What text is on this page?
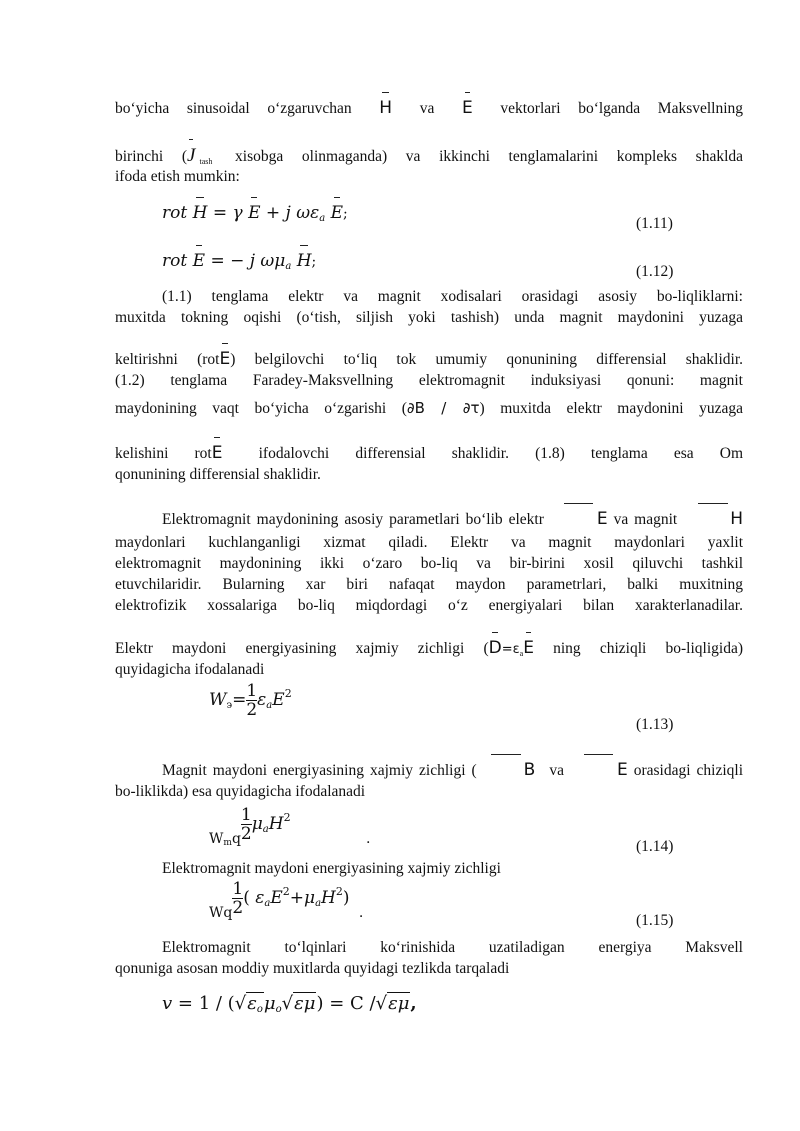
bo‘yicha sinusoidal o‘zgaruvchan H va E vektorlari bo‘lganda Maksvellning
birinchi (J $_{tash}$ xisobga olinmaganda) va ikkinchi tenglamalarini kompleks shaklda
ifoda etish mumkin:
rot H = γ E + j $\omega\varepsilon_a$ E;
(1.11)
rot E = − j $\omega\mu_a$ H;
(1.12)
(1.1) tenglama elektr va magnit xodisalari orasidagi asosiy bo-liqliklarni:
muxitda tokning oqishi (o‘tish, siljish yoki tashish) unda magnit maydonini yuzaga
keltirishni (rotE) belgilovchi to‘liq tok umumiy qonunining differensial shaklidir.
(1.2) tenglama Faradey-Maksvellning elektromagnit induksiyasi qonuni: magnit
maydonining vaqt bo‘yicha o‘zgarishi (∂B / ∂τ) muxitda elektr maydonini yuzaga
kelishini rotE ifodalovchi differensial shaklidir. (1.8) tenglama esa Om
qonunining differensial shaklidir.
Elektromagnit maydonining asosiy parametlari bo‘lib elektr	E va magnit	H
maydonlari kuchlanganligi xizmat qiladi. Elektr va magnit maydonlari yaxlit
elektromagnit maydonining ikki o‘zaro bo-liq va bir-birini xosil qiluvchi tashkil
etuvchilaridir. Bularning xar biri nafaqat maydon parametrlari, balki muxitning
elektrofizik xossalariga bo-liq miqdordagi o‘z energiyalari bilan xarakterlanadilar.
Elektr maydoni energiyasining xajmiy zichligi ($D=\varepsilon_aE$ ning chiziqli bo-liqligida)
quyidagicha ifodalanadi
$W_э= \frac{1}{2} \varepsilon_aE^2$
(1.13)
Magnit maydoni energiyasining xajmiy zichligi (	B va	E orasidagi chiziqli
bo-liklikda) esa quyidagicha ifodalanadi
$_{Wmq} \frac{1}{2} \mu_aH^2$ $_.$	(1.14)
Elektromagnit maydoni energiyasining xajmiy zichligi
$_{Wq} \frac{1}{2}$ ( $\varepsilon_aE^2+\mu_aH^2$) $_.$	(1.15)
Elektromagnit to‘lqinlari ko‘rinishida uzatiladigan energiya Maksvell
qonuniga asosan moddiy muxitlarda quyidagi tezlikda tarqaladi
$v = 1 / (√\varepsilon_o\mu_o√\varepsilon\mu) = C$ /√εμ,
